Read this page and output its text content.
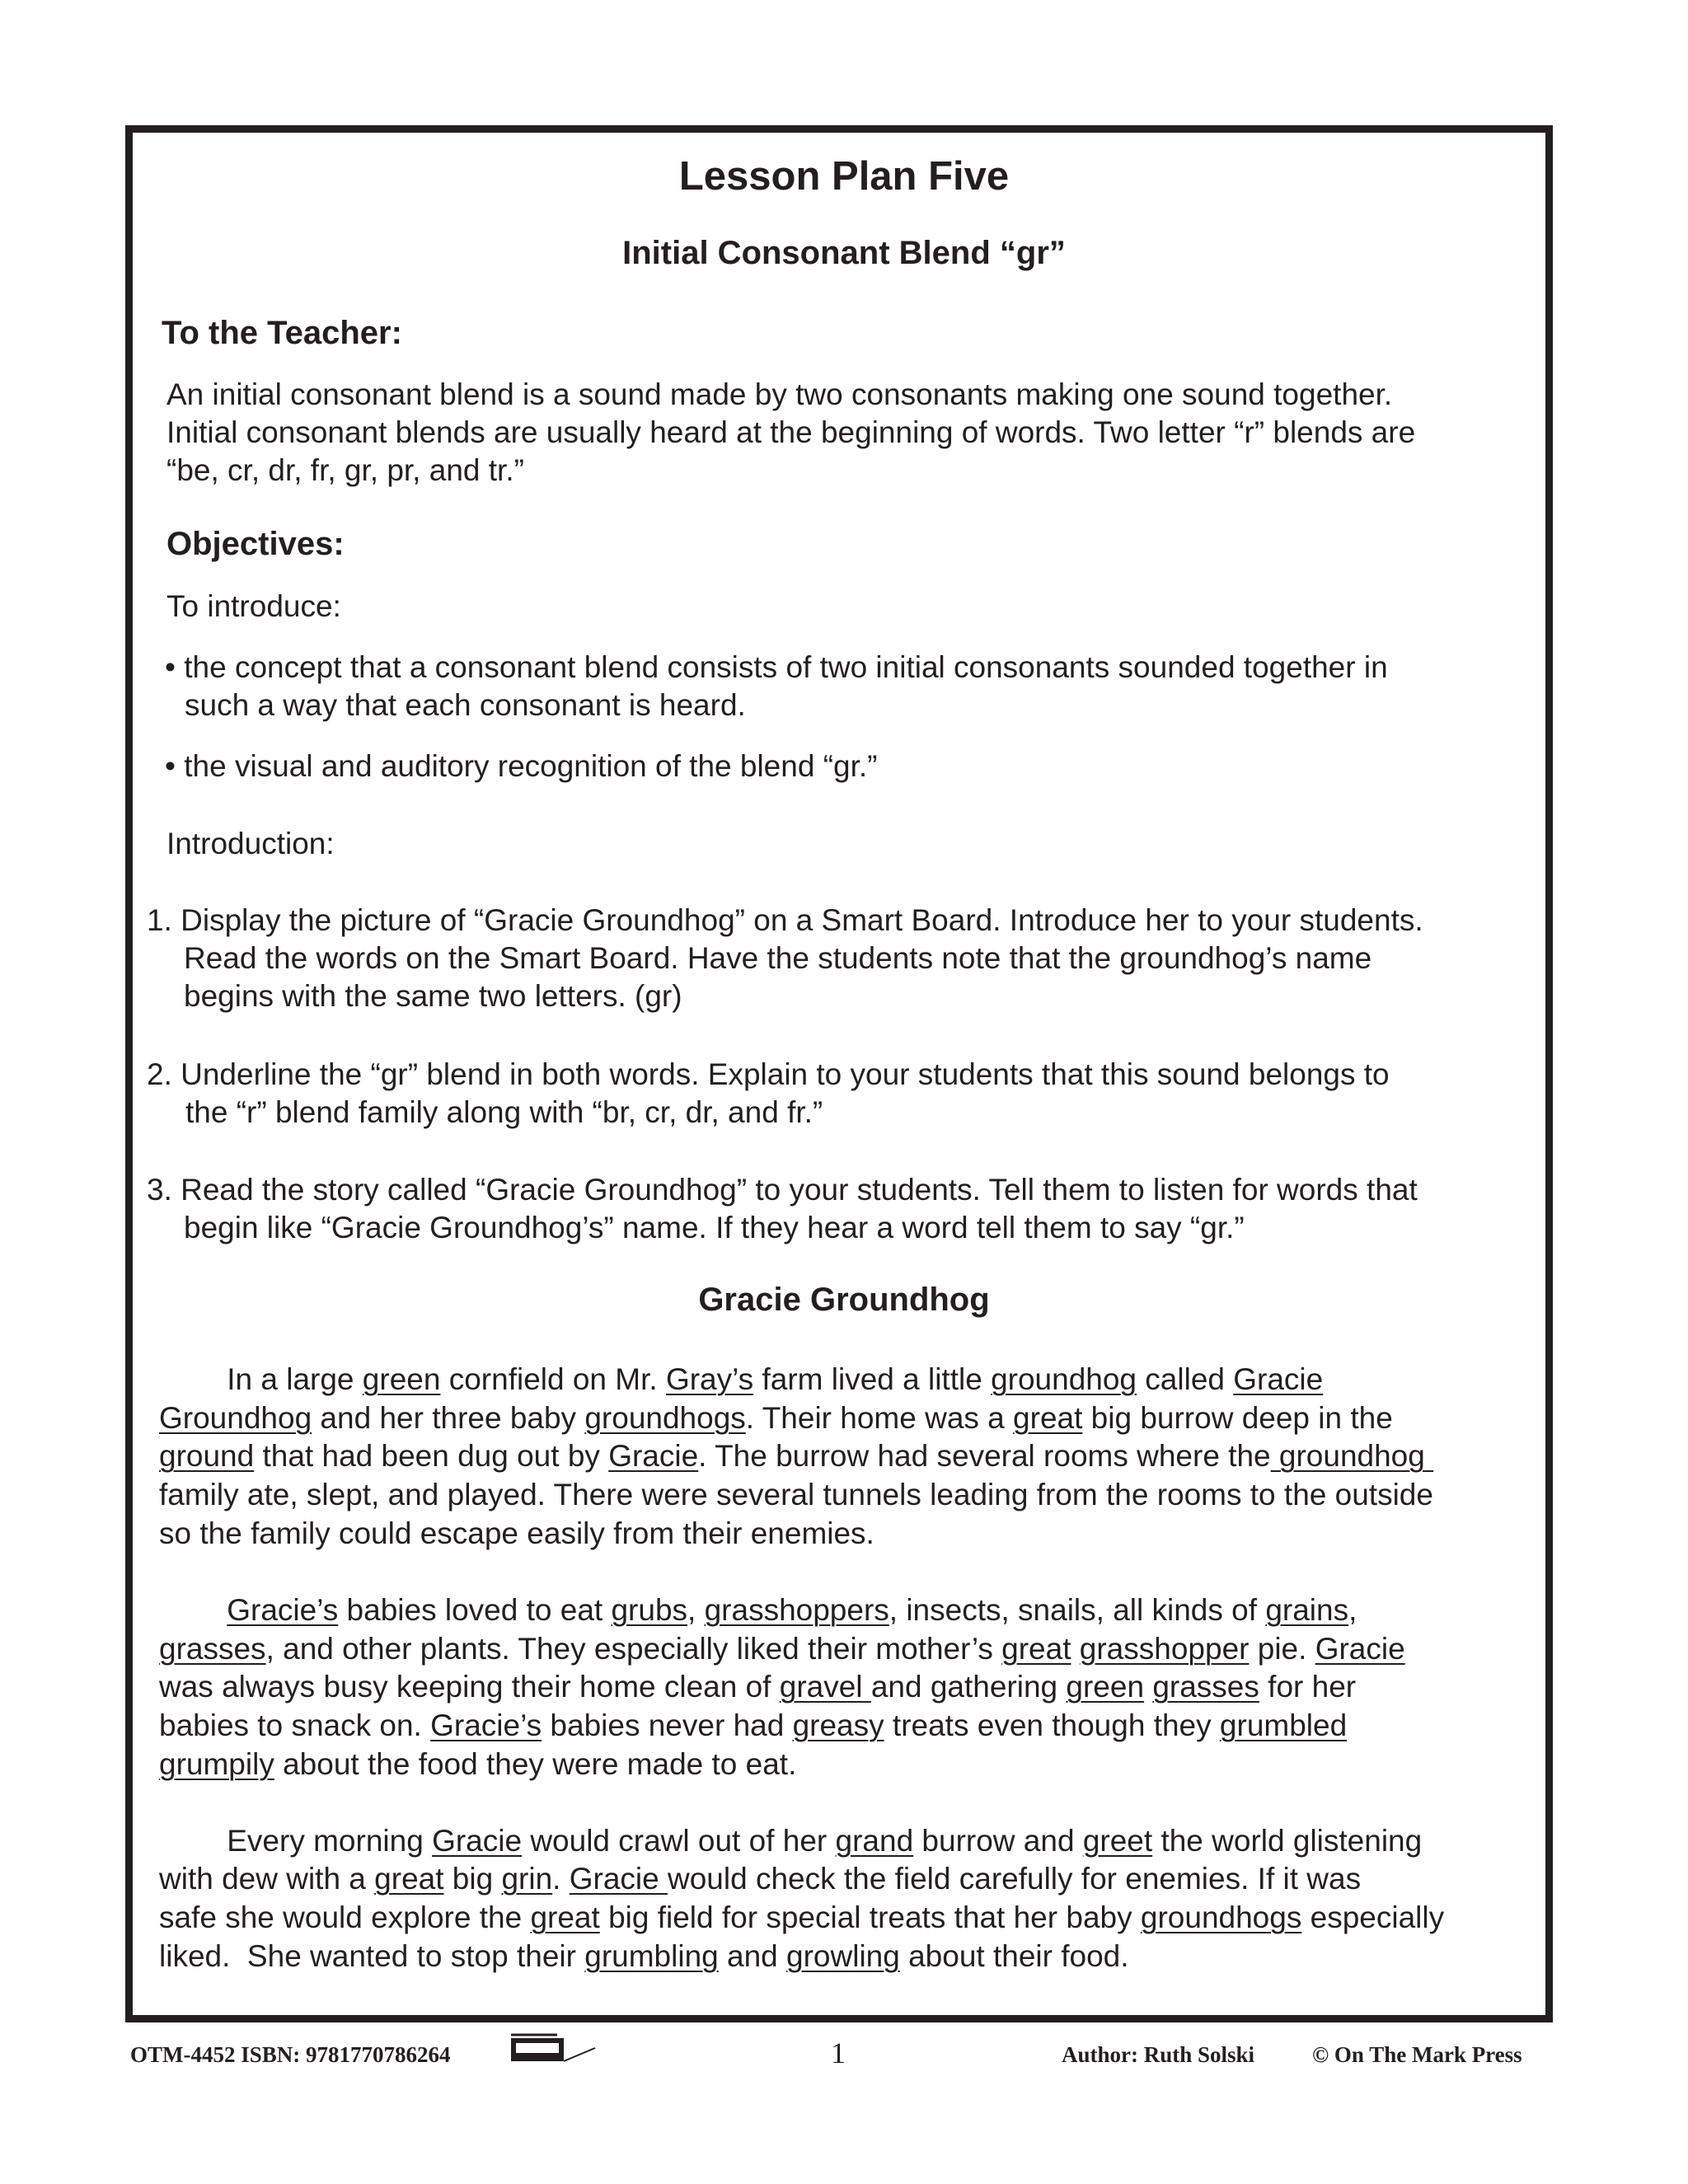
Lesson Plan Five
Initial Consonant Blend “gr”
To the Teacher:
An initial consonant blend is a sound made by two consonants making one sound together.
Initial consonant blends are usually heard at the beginning of words. Two letter “r” blends are
“be, cr, dr, fr, gr, pr, and tr.”
Objectives:
To introduce:
• the concept that a consonant blend consists of two initial consonants sounded together in
such a way that each consonant is heard.
• the visual and auditory recognition of the blend “gr.”
Introduction:
1. Display the picture of “Gracie Groundhog” on a Smart Board. Introduce her to your students.
Read the words on the Smart Board. Have the students note that the groundhog’s name
begins with the same two letters. (gr)
2. Underline the “gr” blend in both words. Explain to your students that this sound belongs to
the “r” blend family along with “br, cr, dr, and fr.”
3. Read the story called “Gracie Groundhog” to your students. Tell them to listen for words that
begin like “Gracie Groundhog’s” name. If they hear a word tell them to say “gr.”
Gracie Groundhog
In a large green cornfield on Mr. Gray’s farm lived a little groundhog called Gracie
Groundhog and her three baby groundhogs. Their home was a great big burrow deep in the
ground that had been dug out by Gracie. The burrow had several rooms where the groundhog
family ate, slept, and played. There were several tunnels leading from the rooms to the outside
so the family could escape easily from their enemies.
Gracie’s babies loved to eat grubs, grasshoppers, insects, snails, all kinds of grains,
grasses, and other plants. They especially liked their mother’s great grasshopper pie. Gracie
was always busy keeping their home clean of gravel and gathering green grasses for her
babies to snack on. Gracie’s babies never had greasy treats even though they grumbled
grumpily about the food they were made to eat.
Every morning Gracie would crawl out of her grand burrow and greet the world glistening
with dew with a great big grin. Gracie would check the field carefully for enemies. If it was
safe she would explore the great big field for special treats that her baby groundhogs especially
liked.  She wanted to stop their grumbling and growling about their food.
OTM-4452 ISBN: 9781770786264	1	Author: Ruth Solski	© On The Mark Press
